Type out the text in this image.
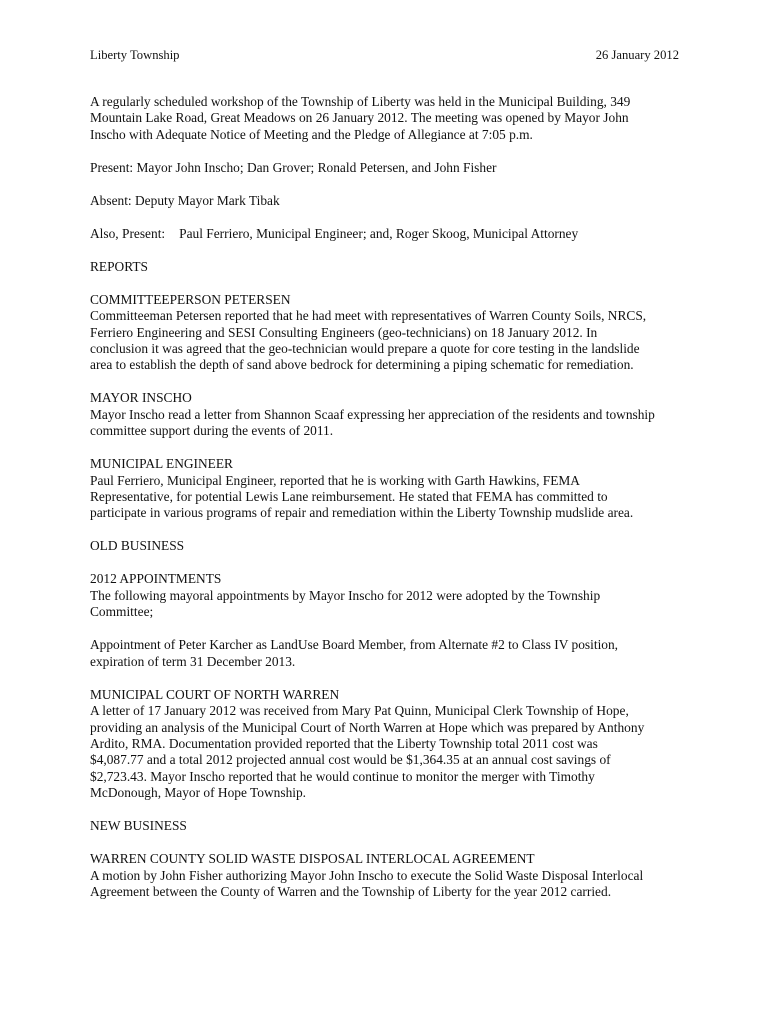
Liberty Township	26 January 2012

A regularly scheduled workshop of the Township of Liberty was held in the Municipal Building, 349

Mountain Lake Road, Great Meadows on 26 January 2012. The meeting was opened by Mayor John

Inscho with Adequate Notice of Meeting and the Pledge of Allegiance at 7:05 p.m.

Present: Mayor John Inscho; Dan Grover; Ronald Petersen, and John Fisher

Absent: Deputy Mayor Mark Tibak

Also, Present: Paul Ferriero, Municipal Engineer; and, Roger Skoog, Municipal Attorney

REPORTS

COMMITTEEPERSON PETERSEN

Committeeman Petersen reported that he had meet with representatives of Warren County Soils, NRCS,

Ferriero Engineering and SESI Consulting Engineers (geo-technicians) on 18 January 2012. In

conclusion it was agreed that the geo-technician would prepare a quote for core testing in the landslide

area to establish the depth of sand above bedrock for determining a piping schematic for remediation.

MAYOR INSCHO

Mayor Inscho read a letter from Shannon Scaaf expressing her appreciation of the residents and township

committee support during the events of 2011.

MUNICIPAL ENGINEER

Paul Ferriero, Municipal Engineer, reported that he is working with Garth Hawkins, FEMA

Representative, for potential Lewis Lane reimbursement. He stated that FEMA has committed to

participate in various programs of repair and remediation within the Liberty Township mudslide area.

OLD BUSINESS

2012 APPOINTMENTS

The following mayoral appointments by Mayor Inscho for 2012 were adopted by the Township

Committee;

Appointment of Peter Karcher as LandUse Board Member, from Alternate #2 to Class IV position,

expiration of term 31 December 2013.

MUNICIPAL COURT OF NORTH WARREN

A letter of 17 January 2012 was received from Mary Pat Quinn, Municipal Clerk Township of Hope,

providing an analysis of the Municipal Court of North Warren at Hope which was prepared by Anthony

Ardito, RMA. Documentation provided reported that the Liberty Township total 2011 cost was

$4,087.77 and a total 2012 projected annual cost would be $1,364.35 at an annual cost savings of

$2,723.43. Mayor Inscho reported that he would continue to monitor the merger with Timothy

McDonough, Mayor of Hope Township.

NEW BUSINESS

WARREN COUNTY SOLID WASTE DISPOSAL INTERLOCAL AGREEMENT

A motion by John Fisher authorizing Mayor John Inscho to execute the Solid Waste Disposal Interlocal

Agreement between the County of Warren and the Township of Liberty for the year 2012 carried.
